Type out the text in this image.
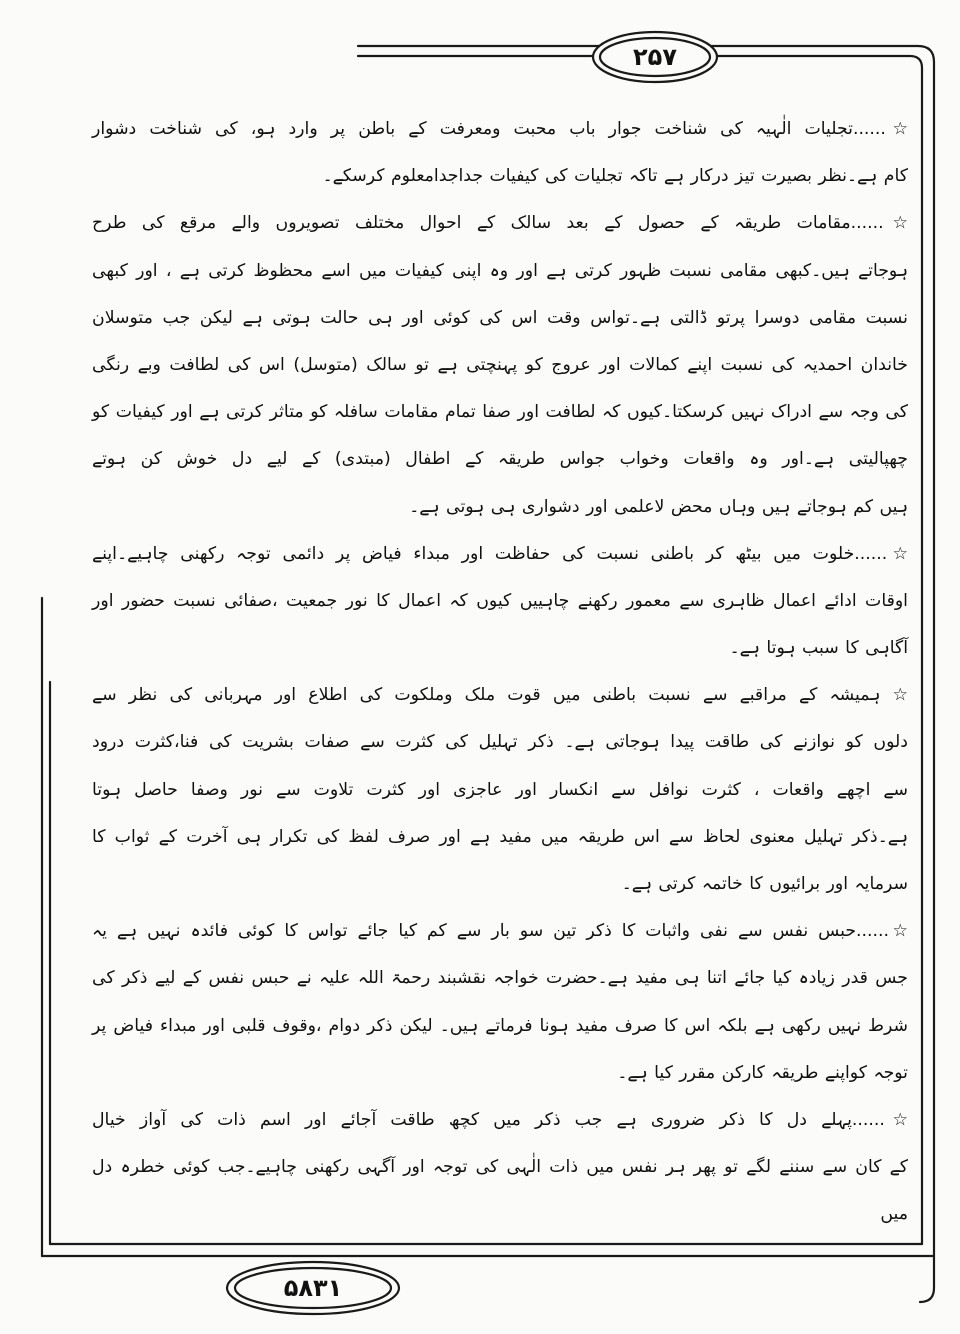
۲۵۷
۵۸۳۱
☆......تجلیات الٰہیہ کی شناخت جوار باب محبت ومعرفت کے باطن پر وارد ہو، کی شناخت دشوار
کام ہے۔نظر بصیرت تیز درکار ہے تاکہ تجلیات کی کیفیات جداجدامعلوم کرسکے۔
☆......مقامات طریقہ کے حصول کے بعد سالک کے احوال مختلف تصویروں والے مرقع کی طرح
ہوجاتے ہیں۔کبھی مقامی نسبت ظہور کرتی ہے اور وہ اپنی کیفیات میں اسے محظوظ کرتی ہے ، اور کبھی
نسبت مقامی دوسرا پرتو ڈالتی ہے۔تواس وقت اس کی کوئی اور ہی حالت ہوتی ہے لیکن جب متوسلان
خاندان احمدیہ کی نسبت اپنے کمالات اور عروج کو پہنچتی ہے تو سالک (متوسل) اس کی لطافت وبے رنگی
کی وجہ سے ادراک نہیں کرسکتا۔کیوں کہ لطافت اور صفا تمام مقامات سافلہ کو متاثر کرتی ہے اور کیفیات کو
چھپالیتی ہے۔اور وہ واقعات وخواب جواس طریقہ کے اطفال (مبتدی) کے لیے دل خوش کن ہوتے
ہیں کم ہوجاتے ہیں وہاں محض لاعلمی اور دشواری ہی ہوتی ہے۔
☆......خلوت میں بیٹھ کر باطنی نسبت کی حفاظت اور مبداء فیاض پر دائمی توجہ رکھنی چاہیے۔اپنے
اوقات ادائے اعمال ظاہری سے معمور رکھنے چاہییں کیوں کہ اعمال کا نور جمعیت ،صفائی نسبت حضور اور
آگاہی کا سبب ہوتا ہے۔
☆ ہمیشہ کے مراقبے سے نسبت باطنی میں قوت ملک وملکوت کی اطلاع اور مہربانی کی نظر سے
دلوں کو نوازنے کی طاقت پیدا ہوجاتی ہے۔ ذکر تہلیل کی کثرت سے صفات بشریت کی فنا،کثرت درود
سے اچھے واقعات ، کثرت نوافل سے انکسار اور عاجزی اور کثرت تلاوت سے نور وصفا حاصل ہوتا
ہے۔ذکر تہلیل معنوی لحاظ سے اس طریقہ میں مفید ہے اور صرف لفظ کی تکرار ہی آخرت کے ثواب کا
سرمایہ اور برائیوں کا خاتمہ کرتی ہے۔
☆......حبس نفس سے نفی واثبات کا ذکر تین سو بار سے کم کیا جائے تواس کا کوئی فائدہ نہیں ہے یہ
جس قدر زیادہ کیا جائے اتنا ہی مفید ہے۔حضرت خواجہ نقشبند رحمۃ اللہ علیہ نے حبس نفس کے لیے ذکر کی
شرط نہیں رکھی ہے بلکہ اس کا صرف مفید ہونا فرماتے ہیں۔ لیکن ذکر دوام ،وقوف قلبی اور مبداء فیاض پر
توجہ کواپنے طریقہ کارکن مقرر کیا ہے۔
☆......پہلے دل کا ذکر ضروری ہے جب ذکر میں کچھ طاقت آجائے اور اسم ذات کی آواز خیال
کے کان سے سننے لگے تو پھر ہر نفس میں ذات الٰہی کی توجہ اور آگہی رکھنی چاہیے۔جب کوئی خطرہ دل میں
